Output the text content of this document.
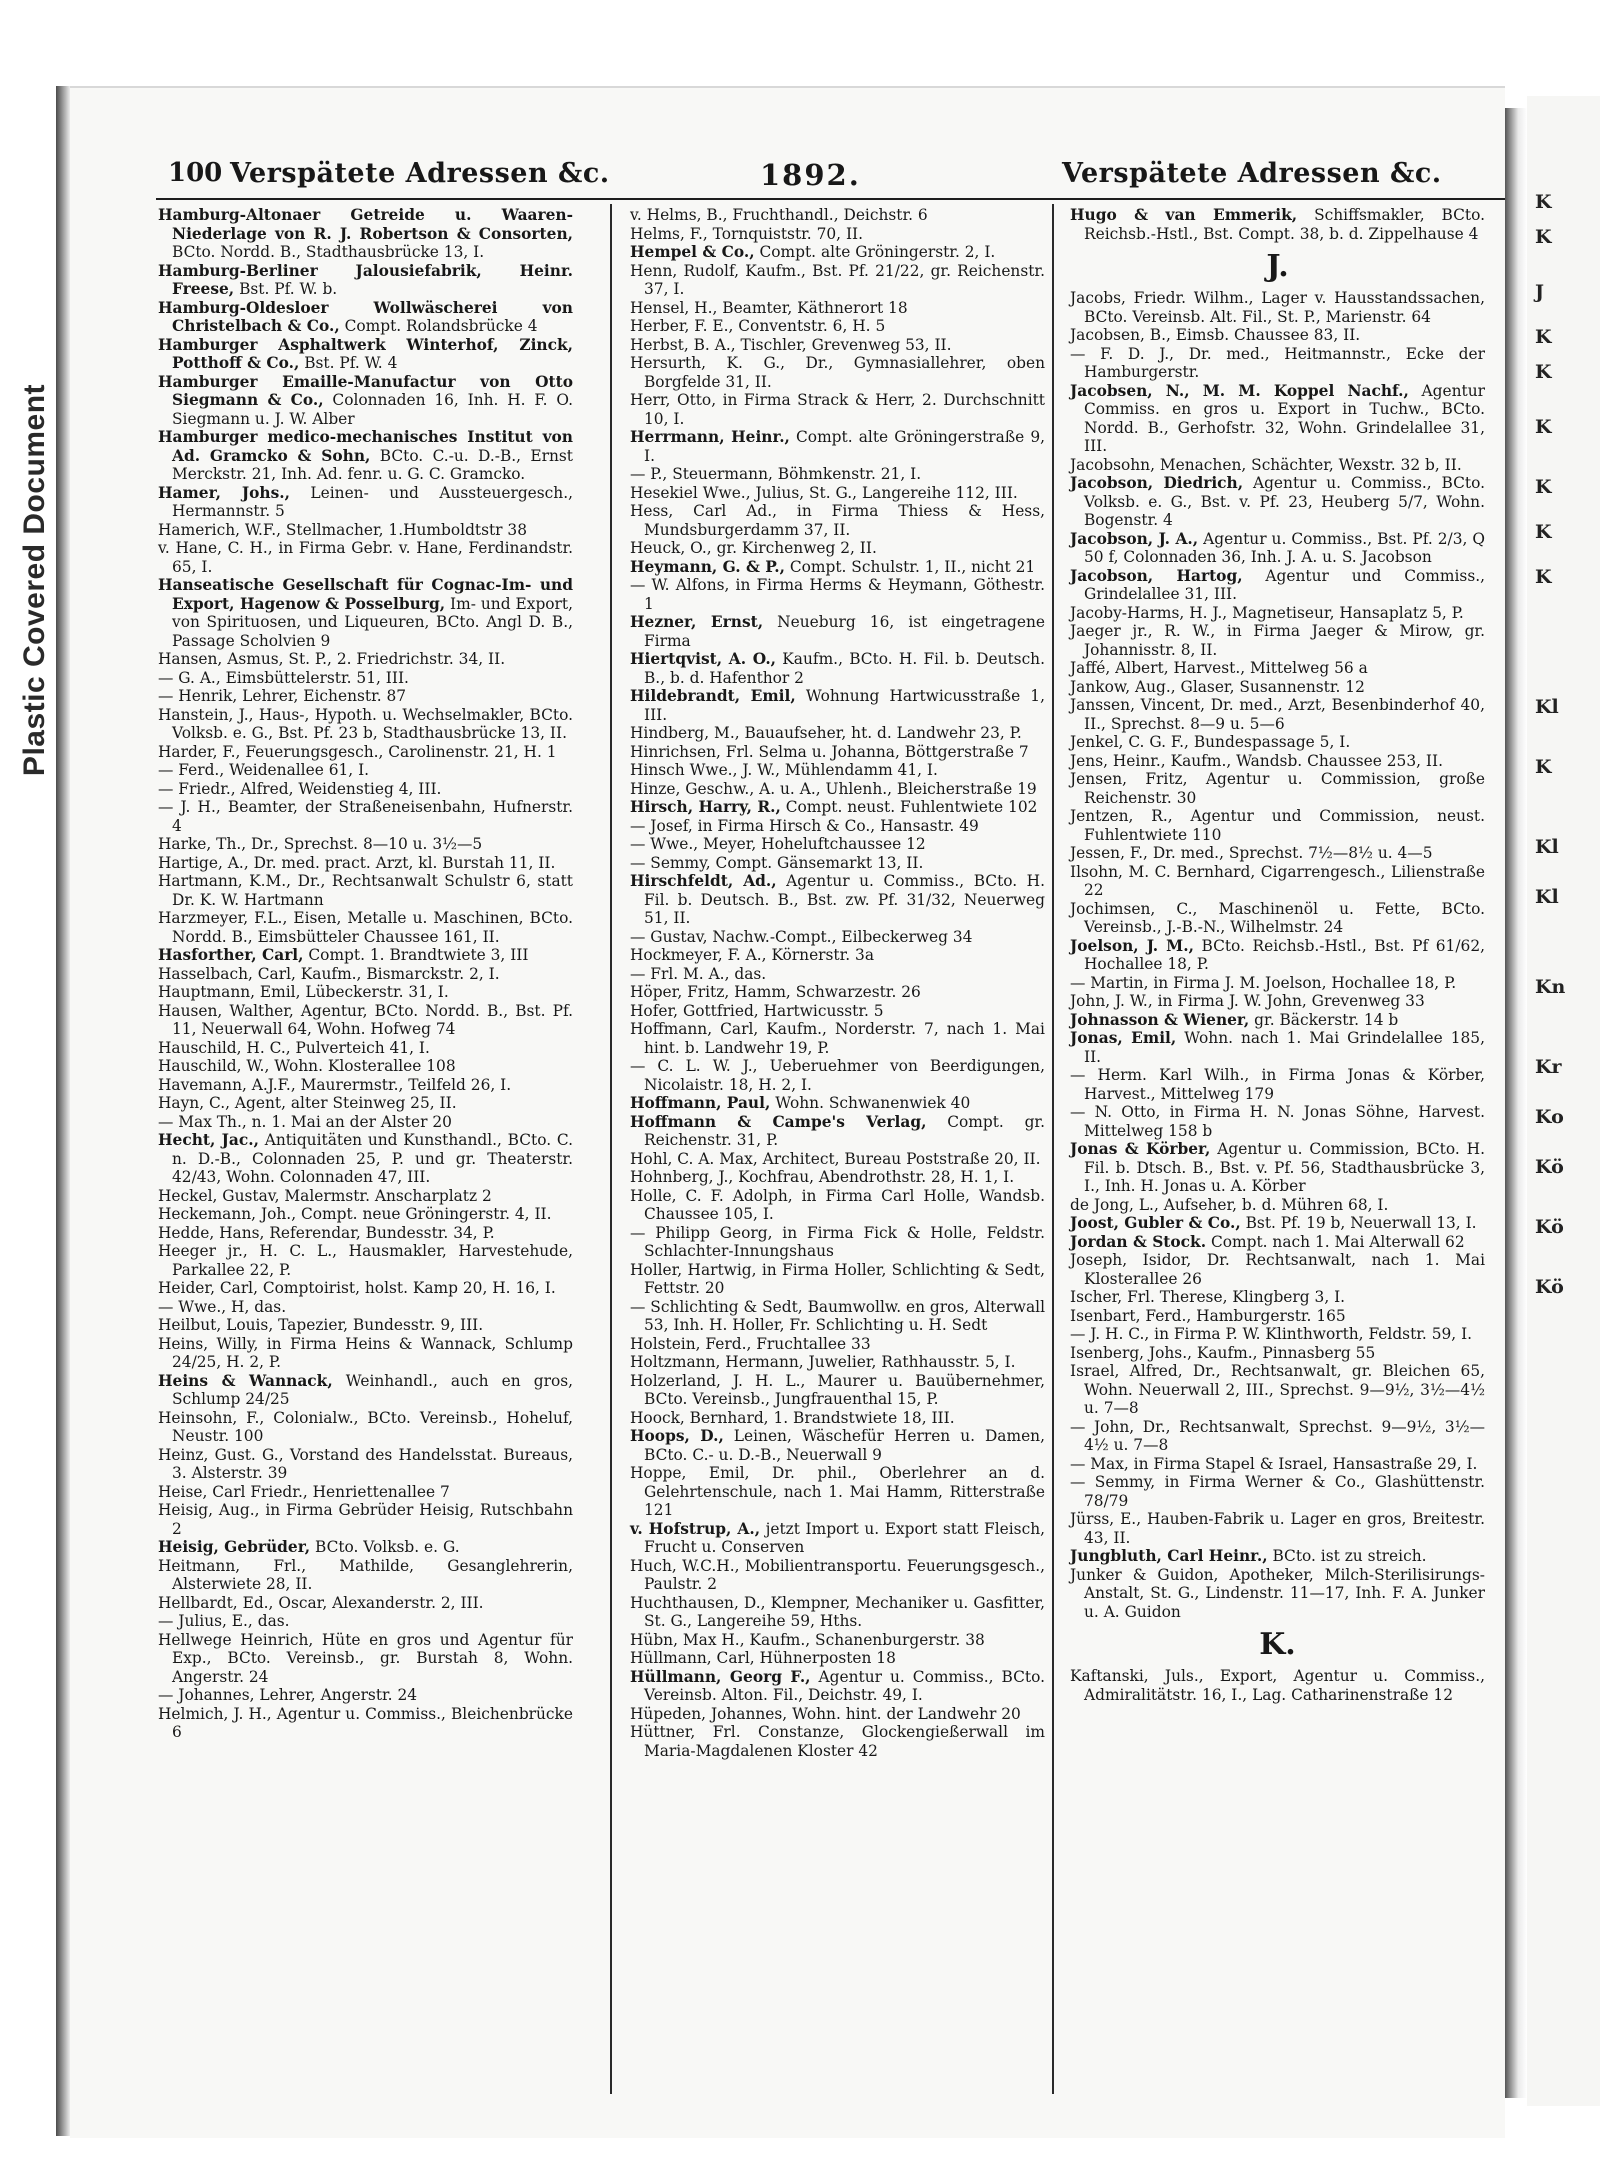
Plastic Covered Document
100 Verspätete Adressen &c.	1892.	Verspätete Adressen &c.

Hamburg-Altonaer Getreide u. Waaren-Niederlage von R. J. Robertson & Consorten, BCto. Nordd. B., Stadthausbrücke 13, I.

Hamburg-Berliner Jalousiefabrik, Heinr. Freese, Bst. Pf. W. b.

Hamburg-Oldesloer Wollwäscherei von Christelbach & Co., Compt. Rolandsbrücke 4

Hamburger Asphaltwerk Winterhof, Zinck, Potthoff & Co., Bst. Pf. W. 4

Hamburger Emaille-Manufactur von Otto Siegmann & Co., Colonnaden 16, Inh. H. F. O. Siegmann u. J. W. Alber

Hamburger medico-mechanisches Institut von Ad. Gramcko & Sohn, BCto. C.-u. D.-B., Ernst Merckstr. 21, Inh. Ad. fenr. u. G. C. Gramcko.

Hamer, Johs., Leinen- und Aussteuergesch., Hermannstr. 5

Hamerich, W.F., Stellmacher, 1.Humboldtstr 38

v. Hane, C. H., in Firma Gebr. v. Hane, Ferdinandstr. 65, I.

Hanseatische Gesellschaft für Cognac-Im- und Export, Hagenow & Posselburg, Im- und Export, von Spirituosen, und Liqueuren, BCto. Angl D. B., Passage Scholvien 9

Hansen, Asmus, St. P., 2. Friedrichstr. 34, II.

— G. A., Eimsbüttelerstr. 51, III.

— Henrik, Lehrer, Eichenstr. 87

Hanstein, J., Haus-, Hypoth. u. Wechselmakler, BCto. Volksb. e. G., Bst. Pf. 23 b, Stadthausbrücke 13, II.

Harder, F., Feuerungsgesch., Carolinenstr. 21, H. 1

— Ferd., Weidenallee 61, I.

— Friedr., Alfred, Weidenstieg 4, III.

— J. H., Beamter, der Straßeneisenbahn, Hufnerstr. 4

Harke, Th., Dr., Sprechst. 8—10 u. 3½—5

Hartige, A., Dr. med. pract. Arzt, kl. Burstah 11, II.

Hartmann, K.M., Dr., Rechtsanwalt Schulstr 6, statt Dr. K. W. Hartmann

Harzmeyer, F.L., Eisen, Metalle u. Maschinen, BCto. Nordd. B., Eimsbütteler Chaussee 161, II.

Hasforther, Carl, Compt. 1. Brandtwiete 3, III

Hasselbach, Carl, Kaufm., Bismarckstr. 2, I.

Hauptmann, Emil, Lübeckerstr. 31, I.

Hausen, Walther, Agentur, BCto. Nordd. B., Bst. Pf. 11, Neuerwall 64, Wohn. Hofweg 74

Hauschild, H. C., Pulverteich 41, I.

Hauschild, W., Wohn. Klosterallee 108

Havemann, A.J.F., Maurermstr., Teilfeld 26, I.

Hayn, C., Agent, alter Steinweg 25, II.

— Max Th., n. 1. Mai an der Alster 20

Hecht, Jac., Antiquitäten und Kunsthandl., BCto. C. n. D.-B., Colonnaden 25, P. und gr. Theaterstr. 42/43, Wohn. Colonnaden 47, III.

Heckel, Gustav, Malermstr. Anscharplatz 2

Heckemann, Joh., Compt. neue Gröningerstr. 4, II.

Hedde, Hans, Referendar, Bundesstr. 34, P.

Heeger jr., H. C. L., Hausmakler, Harvestehude, Parkallee 22, P.

Heider, Carl, Comptoirist, holst. Kamp 20, H. 16, I.

— Wwe., H, das.

Heilbut, Louis, Tapezier, Bundesstr. 9, III.

Heins, Willy, in Firma Heins & Wannack, Schlump 24/25, H. 2, P.

Heins & Wannack, Weinhandl., auch en gros, Schlump 24/25

Heinsohn, F., Colonialw., BCto. Vereinsb., Hoheluf, Neustr. 100

Heinz, Gust. G., Vorstand des Handelsstat. Bureaus, 3. Alsterstr. 39

Heise, Carl Friedr., Henriettenallee 7

Heisig, Aug., in Firma Gebrüder Heisig, Rutschbahn 2

Heisig, Gebrüder, BCto. Volksb. e. G.

Heitmann, Frl., Mathilde, Gesanglehrerin, Alsterwiete 28, II.

Hellbardt, Ed., Oscar, Alexanderstr. 2, III.

— Julius, E., das.

Hellwege Heinrich, Hüte en gros und Agentur für Exp., BCto. Vereinsb., gr. Burstah 8, Wohn. Angerstr. 24

— Johannes, Lehrer, Angerstr. 24

Helmich, J. H., Agentur u. Commiss., Bleichenbrücke 6

v. Helms, B., Fruchthandl., Deichstr. 6

Helms, F., Tornquiststr. 70, II.

Hempel & Co., Compt. alte Gröningerstr. 2, I.

Henn, Rudolf, Kaufm., Bst. Pf. 21/22, gr. Reichenstr. 37, I.

Hensel, H., Beamter, Käthnerort 18

Herber, F. E., Conventstr. 6, H. 5

Herbst, B. A., Tischler, Grevenweg 53, II.

Hersurth, K. G., Dr., Gymnasiallehrer, oben Borgfelde 31, II.

Herr, Otto, in Firma Strack & Herr, 2. Durchschnitt 10, I.

Herrmann, Heinr., Compt. alte Gröningerstraße 9, I.

— P., Steuermann, Böhmkenstr. 21, I.

Hesekiel Wwe., Julius, St. G., Langereihe 112, III.

Hess, Carl Ad., in Firma Thiess & Hess, Mundsburgerdamm 37, II.

Heuck, O., gr. Kirchenweg 2, II.

Heymann, G. & P., Compt. Schulstr. 1, II., nicht 21

— W. Alfons, in Firma Herms & Heymann, Göthestr. 1

Hezner, Ernst, Neueburg 16, ist eingetragene Firma

Hiertqvist, A. O., Kaufm., BCto. H. Fil. b. Deutsch. B., b. d. Hafenthor 2

Hildebrandt, Emil, Wohnung Hartwicusstraße 1, III.

Hindberg, M., Bauaufseher, ht. d. Landwehr 23, P.

Hinrichsen, Frl. Selma u. Johanna, Böttgerstraße 7

Hinsch Wwe., J. W., Mühlendamm 41, I.

Hinze, Geschw., A. u. A., Uhlenh., Bleicherstraße 19

Hirsch, Harry, R., Compt. neust. Fuhlentwiete 102

— Josef, in Firma Hirsch & Co., Hansastr. 49

— Wwe., Meyer, Hoheluftchaussee 12

— Semmy, Compt. Gänsemarkt 13, II.

Hirschfeldt, Ad., Agentur u. Commiss., BCto. H. Fil. b. Deutsch. B., Bst. zw. Pf. 31/32, Neuerweg 51, II.

— Gustav, Nachw.-Compt., Eilbeckerweg 34

Hockmeyer, F. A., Körnerstr. 3a

— Frl. M. A., das.

Höper, Fritz, Hamm, Schwarzestr. 26

Hofer, Gottfried, Hartwicusstr. 5

Hoffmann, Carl, Kaufm., Norderstr. 7, nach 1. Mai hint. b. Landwehr 19, P.

— C. L. W. J., Ueberuehmer von Beerdigungen, Nicolaistr. 18, H. 2, I.

Hoffmann, Paul, Wohn. Schwanenwiek 40

Hoffmann & Campe's Verlag, Compt. gr. Reichenstr. 31, P.

Hohl, C. A. Max, Architect, Bureau Poststraße 20, II.

Hohnberg, J., Kochfrau, Abendrothstr. 28, H. 1, I.

Holle, C. F. Adolph, in Firma Carl Holle, Wandsb. Chaussee 105, I.

— Philipp Georg, in Firma Fick & Holle, Feldstr. Schlachter-Innungshaus

Holler, Hartwig, in Firma Holler, Schlichting & Sedt, Fettstr. 20

— Schlichting & Sedt, Baumwollw. en gros, Alterwall 53, Inh. H. Holler, Fr. Schlichting u. H. Sedt

Holstein, Ferd., Fruchtallee 33

Holtzmann, Hermann, Juwelier, Rathhausstr. 5, I.

Holzerland, J. H. L., Maurer u. Bauübernehmer, BCto. Vereinsb., Jungfrauenthal 15, P.

Hoock, Bernhard, 1. Brandstwiete 18, III.

Hoops, D., Leinen, Wäschefür Herren u. Damen, BCto. C.- u. D.-B., Neuerwall 9

Hoppe, Emil, Dr. phil., Oberlehrer an d. Gelehrtenschule, nach 1. Mai Hamm, Ritterstraße 121

v. Hofstrup, A., jetzt Import u. Export statt Fleisch, Frucht u. Conserven

Huch, W.C.H., Mobilientransportu. Feuerungsgesch., Paulstr. 2

Huchthausen, D., Klempner, Mechaniker u. Gasfitter, St. G., Langereihe 59, Hths.

Hübn, Max H., Kaufm., Schanenburgerstr. 38

Hüllmann, Carl, Hühnerposten 18

Hüllmann, Georg F., Agentur u. Commiss., BCto. Vereinsb. Alton. Fil., Deichstr. 49, I.

Hüpeden, Johannes, Wohn. hint. der Landwehr 20

Hüttner, Frl. Constanze, Glockengießerwall im Maria-Magdalenen Kloster 42

Hugo & van Emmerik, Schiffsmakler, BCto. Reichsb.-Hstl., Bst. Compt. 38, b. d. Zippelhause 4

J.

Jacobs, Friedr. Wilhm., Lager v. Hausstandssachen, BCto. Vereinsb. Alt. Fil., St. P., Marienstr. 64

Jacobsen, B., Eimsb. Chaussee 83, II.

— F. D. J., Dr. med., Heitmannstr., Ecke der Hamburgerstr.

Jacobsen, N., M. M. Koppel Nachf., Agentur Commiss. en gros u. Export in Tuchw., BCto. Nordd. B., Gerhofstr. 32, Wohn. Grindelallee 31, III.

Jacobsohn, Menachen, Schächter, Wexstr. 32 b, II.

Jacobson, Diedrich, Agentur u. Commiss., BCto. Volksb. e. G., Bst. v. Pf. 23, Heuberg 5/7, Wohn. Bogenstr. 4

Jacobson, J. A., Agentur u. Commiss., Bst. Pf. 2/3, Q 50 f, Colonnaden 36, Inh. J. A. u. S. Jacobson

Jacobson, Hartog, Agentur und Commiss., Grindelallee 31, III.

Jacoby-Harms, H. J., Magnetiseur, Hansaplatz 5, P.

Jaeger jr., R. W., in Firma Jaeger & Mirow, gr. Johannisstr. 8, II.

Jaffé, Albert, Harvest., Mittelweg 56 a

Jankow, Aug., Glaser, Susannenstr. 12

Janssen, Vincent, Dr. med., Arzt, Besenbinderhof 40, II., Sprechst. 8—9 u. 5—6

Jenkel, C. G. F., Bundespassage 5, I.

Jens, Heinr., Kaufm., Wandsb. Chaussee 253, II.

Jensen, Fritz, Agentur u. Commission, große Reichenstr. 30

Jentzen, R., Agentur und Commission, neust. Fuhlentwiete 110

Jessen, F., Dr. med., Sprechst. 7½—8½ u. 4—5

Ilsohn, M. C. Bernhard, Cigarrengesch., Lilienstraße 22

Jochimsen, C., Maschinenöl u. Fette, BCto. Vereinsb., J.-B.-N., Wilhelmstr. 24

Joelson, J. M., BCto. Reichsb.-Hstl., Bst. Pf 61/62, Hochallee 18, P.

— Martin, in Firma J. M. Joelson, Hochallee 18, P.

John, J. W., in Firma J. W. John, Grevenweg 33

Johnasson & Wiener, gr. Bäckerstr. 14 b

Jonas, Emil, Wohn. nach 1. Mai Grindelallee 185, II.

— Herm. Karl Wilh., in Firma Jonas & Körber, Harvest., Mittelweg 179

— N. Otto, in Firma H. N. Jonas Söhne, Harvest. Mittelweg 158 b

Jonas & Körber, Agentur u. Commission, BCto. H. Fil. b. Dtsch. B., Bst. v. Pf. 56, Stadthausbrücke 3, I., Inh. H. Jonas u. A. Körber

de Jong, L., Aufseher, b. d. Mühren 68, I.

Joost, Gubler & Co., Bst. Pf. 19 b, Neuerwall 13, I.

Jordan & Stock. Compt. nach 1. Mai Alterwall 62

Joseph, Isidor, Dr. Rechtsanwalt, nach 1. Mai Klosterallee 26

Ischer, Frl. Therese, Klingberg 3, I.

Isenbart, Ferd., Hamburgerstr. 165

— J. H. C., in Firma P. W. Klinthworth, Feldstr. 59, I.

Isenberg, Johs., Kaufm., Pinnasberg 55

Israel, Alfred, Dr., Rechtsanwalt, gr. Bleichen 65, Wohn. Neuerwall 2, III., Sprechst. 9—9½, 3½—4½ u. 7—8

— John, Dr., Rechtsanwalt, Sprechst. 9—9½, 3½—4½ u. 7—8

— Max, in Firma Stapel & Israel, Hansastraße 29, I.

— Semmy, in Firma Werner & Co., Glashüttenstr. 78/79

Jürss, E., Hauben-Fabrik u. Lager en gros, Breitestr. 43, II.

Jungbluth, Carl Heinr., BCto. ist zu streich.

Junker & Guidon, Apotheker, Milch-Sterilisirungs-Anstalt, St. G., Lindenstr. 11—17, Inh. F. A. Junker u. A. Guidon

K.

Kaftanski, Juls., Export, Agentur u. Commiss., Admiralitätstr. 16, I., Lag. Catharinenstraße 12

K
K
J
K
K
K
K
K
K
Kl
K
Kl
Kl
Kn
Kr
Ko
Kö
Kö
Kö
